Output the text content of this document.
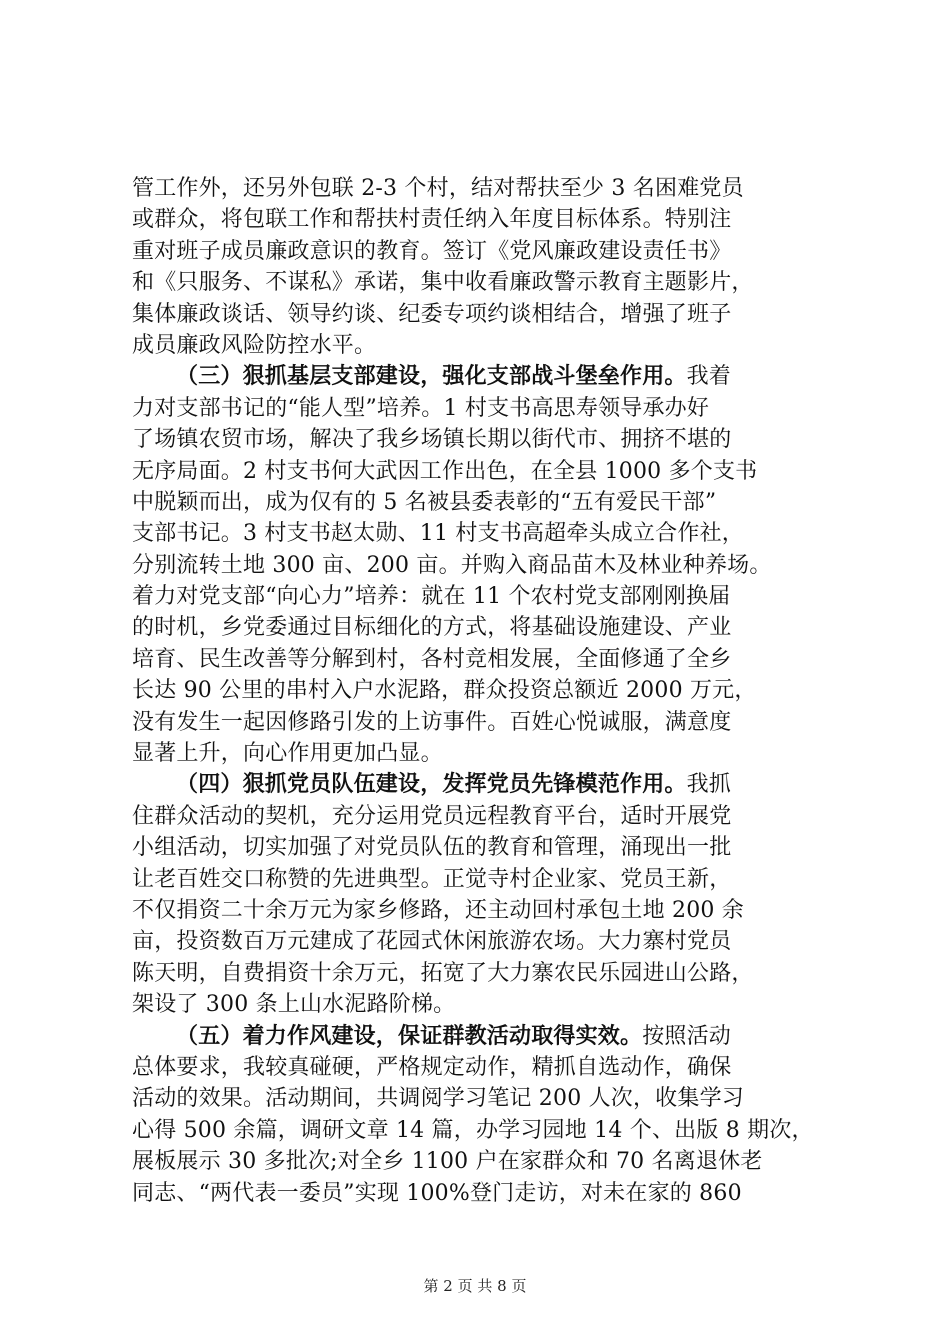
管工作外，还另外包联 2-3 个村，结对帮扶至少 3 名困难党员
或群众，将包联工作和帮扶村责任纳入年度目标体系。特别注
重对班子成员廉政意识的教育。签订《党风廉政建设责任书》
和《只服务、不谋私》承诺，集中收看廉政警示教育主题影片，
集体廉政谈话、领导约谈、纪委专项约谈相结合，增强了班子
成员廉政风险防控水平。
（三）狠抓基层支部建设，强化支部战斗堡垒作用。我着
力对支部书记的“能人型”培养。1 村支书高思寿领导承办好
了场镇农贸市场，解决了我乡场镇长期以街代市、拥挤不堪的
无序局面。2 村支书何大武因工作出色，在全县 1000 多个支书
中脱颖而出，成为仅有的 5 名被县委表彰的“五有爱民干部”
支部书记。3 村支书赵太勋、11 村支书高超牵头成立合作社，
分别流转土地 300 亩、200 亩。并购入商品苗木及林业种养场。
着力对党支部“向心力”培养：就在 11 个农村党支部刚刚换届
的时机，乡党委通过目标细化的方式，将基础设施建设、产业
培育、民生改善等分解到村，各村竞相发展，全面修通了全乡
长达 90 公里的串村入户水泥路，群众投资总额近 2000 万元，
没有发生一起因修路引发的上访事件。百姓心悦诚服，满意度
显著上升，向心作用更加凸显。
（四）狠抓党员队伍建设，发挥党员先锋模范作用。我抓
住群众活动的契机，充分运用党员远程教育平台，适时开展党
小组活动，切实加强了对党员队伍的教育和管理，涌现出一批
让老百姓交口称赞的先进典型。正觉寺村企业家、党员王新，
不仅捐资二十余万元为家乡修路，还主动回村承包土地 200 余
亩，投资数百万元建成了花园式休闲旅游农场。大力寨村党员
陈天明，自费捐资十余万元，拓宽了大力寨农民乐园进山公路，
架设了 300 条上山水泥路阶梯。
（五）着力作风建设，保证群教活动取得实效。按照活动
总体要求，我较真碰硬，严格规定动作，精抓自选动作，确保
活动的效果。活动期间，共调阅学习笔记 200 人次，收集学习
心得 500 余篇，调研文章 14 篇，办学习园地 14 个、出版 8 期次，
展板展示 30 多批次;对全乡 1100 户在家群众和 70 名离退休老
同志、“两代表一委员”实现 100%登门走访，对未在家的 860
第 2 页 共 8 页
